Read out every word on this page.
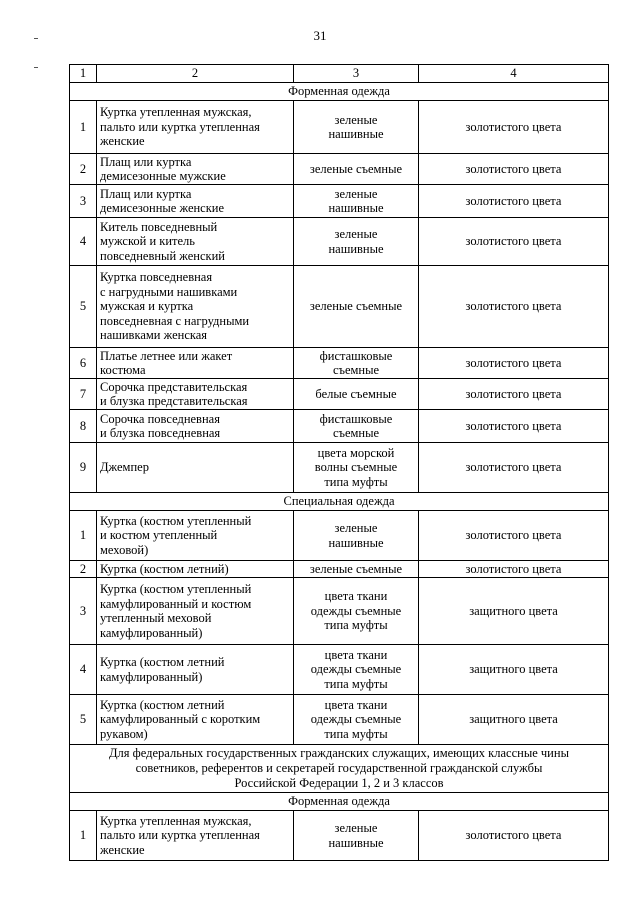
31
1	2	3	4
Форменная одежда			
1	Куртка утепленная мужская,
пальто или куртка утепленная
женские	зеленые
нашивные	золотистого цвета
2	Плащ или куртка
демисезонные мужские	зеленые съемные	золотистого цвета
3	Плащ или куртка
демисезонные женские	зеленые
нашивные	золотистого цвета
4	Китель повседневный
мужской и китель
повседневный женский	зеленые
нашивные	золотистого цвета
5	Куртка повседневная
с нагрудными нашивками
мужская и куртка
повседневная с нагрудными
нашивками женская	зеленые съемные	золотистого цвета
6	Платье летнее или жакет
костюма	фисташковые
съемные	золотистого цвета
7	Сорочка представительская
и блузка представительская	белые съемные	золотистого цвета
8	Сорочка повседневная
и блузка повседневная	фисташковые
съемные	золотистого цвета
9	Джемпер	цвета морской
волны съемные
типа муфты	золотистого цвета
Специальная одежда			
1	Куртка (костюм утепленный
и костюм утепленный
меховой)	зеленые
нашивные	золотистого цвета
2	Куртка (костюм летний)	зеленые съемные	золотистого цвета
3	Куртка (костюм утепленный
камуфлированный и костюм
утепленный меховой
камуфлированный)	цвета ткани
одежды съемные
типа муфты	защитного цвета
4	Куртка (костюм летний
камуфлированный)	цвета ткани
одежды съемные
типа муфты	защитного цвета
5	Куртка (костюм летний
камуфлированный с коротким
рукавом)	цвета ткани
одежды съемные
типа муфты	защитного цвета
Для федеральных государственных гражданских служащих, имеющих классные чины
советников, референтов и секретарей государственной гражданской службы
Российской Федерации 1, 2 и 3 классов			
Форменная одежда			
1	Куртка утепленная мужская,
пальто или куртка утепленная
женские	зеленые
нашивные	золотистого цвета
